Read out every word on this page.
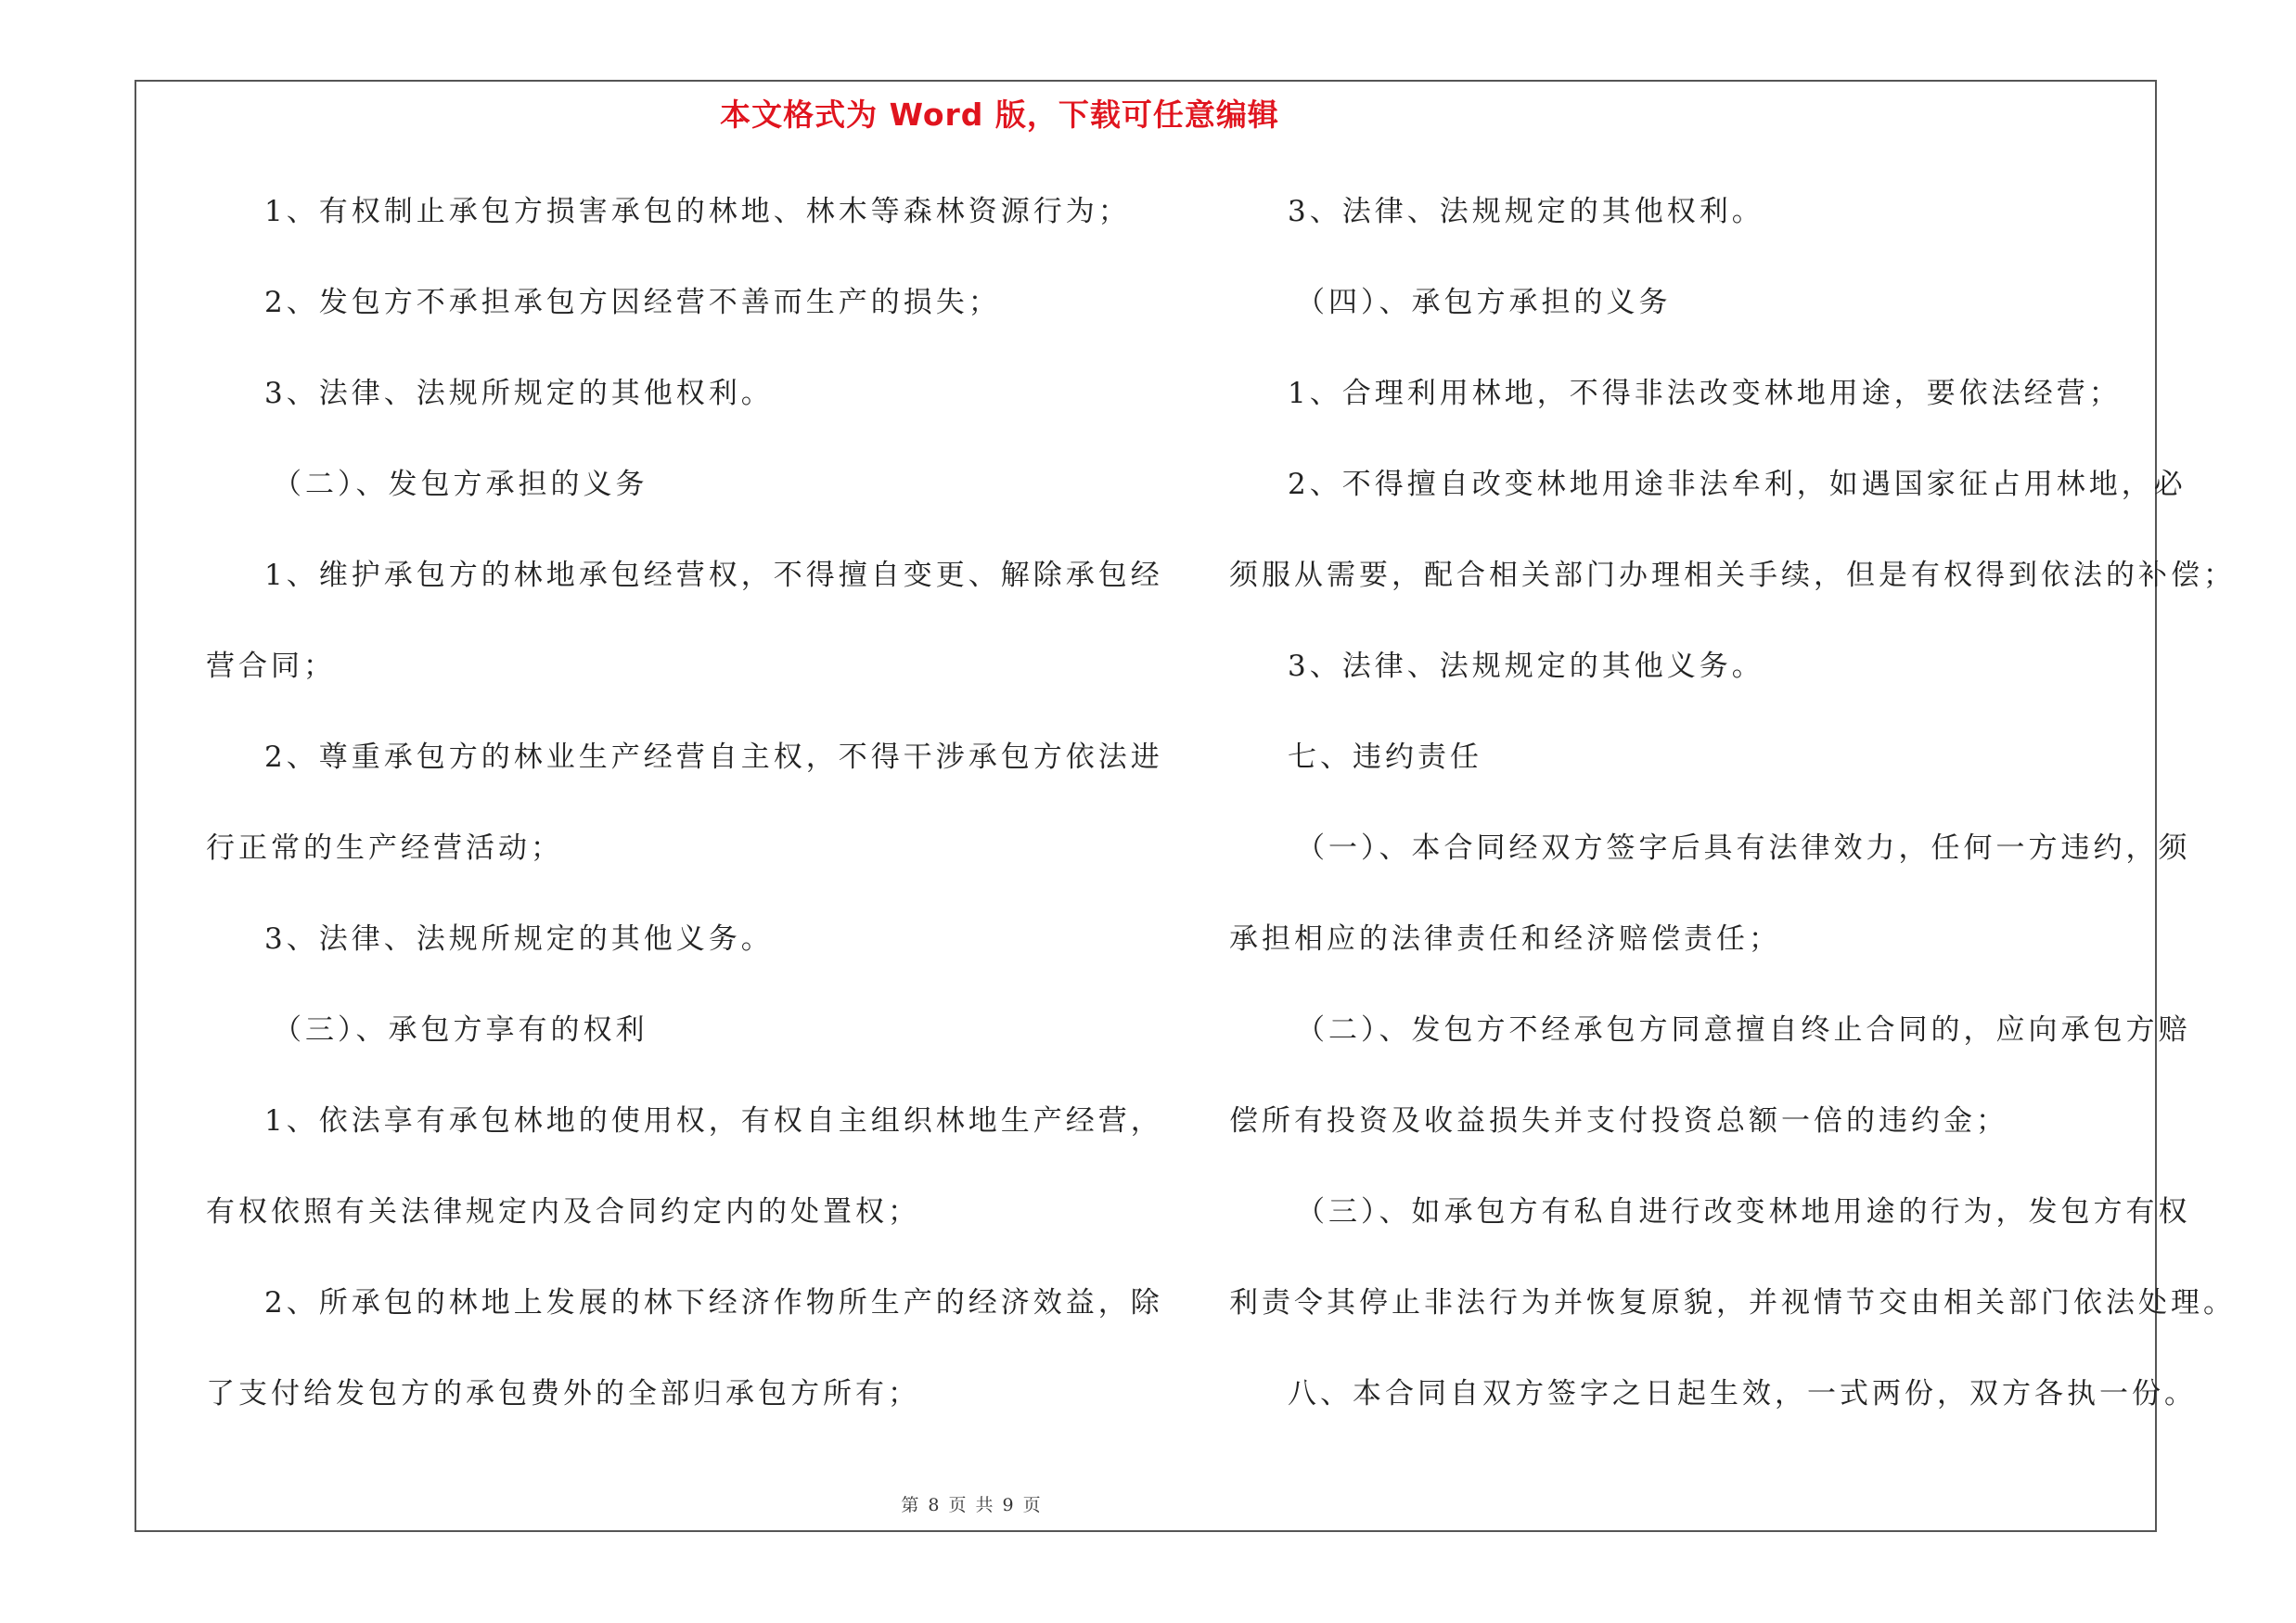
本文格式为 Word 版，下载可任意编辑
1、有权制止承包方损害承包的林地、林木等森林资源行为；
2、发包方不承担承包方因经营不善而生产的损失；
3、法律、法规所规定的其他权利。
（二）、发包方承担的义务
1、维护承包方的林地承包经营权，不得擅自变更、解除承包经
营合同；
2、尊重承包方的林业生产经营自主权，不得干涉承包方依法进
行正常的生产经营活动；
3、法律、法规所规定的其他义务。
（三）、承包方享有的权利
1、依法享有承包林地的使用权，有权自主组织林地生产经营，
有权依照有关法律规定内及合同约定内的处置权；
2、所承包的林地上发展的林下经济作物所生产的经济效益，除
了支付给发包方的承包费外的全部归承包方所有；
3、法律、法规规定的其他权利。
（四）、承包方承担的义务
1、合理利用林地，不得非法改变林地用途，要依法经营；
2、不得擅自改变林地用途非法牟利，如遇国家征占用林地，必
须服从需要，配合相关部门办理相关手续，但是有权得到依法的补偿；
3、法律、法规规定的其他义务。
七、违约责任
（一）、本合同经双方签字后具有法律效力，任何一方违约，须
承担相应的法律责任和经济赔偿责任；
（二）、发包方不经承包方同意擅自终止合同的，应向承包方赔
偿所有投资及收益损失并支付投资总额一倍的违约金；
（三）、如承包方有私自进行改变林地用途的行为，发包方有权
利责令其停止非法行为并恢复原貌，并视情节交由相关部门依法处理。
八、本合同自双方签字之日起生效，一式两份，双方各执一份。
第 8 页 共 9 页
